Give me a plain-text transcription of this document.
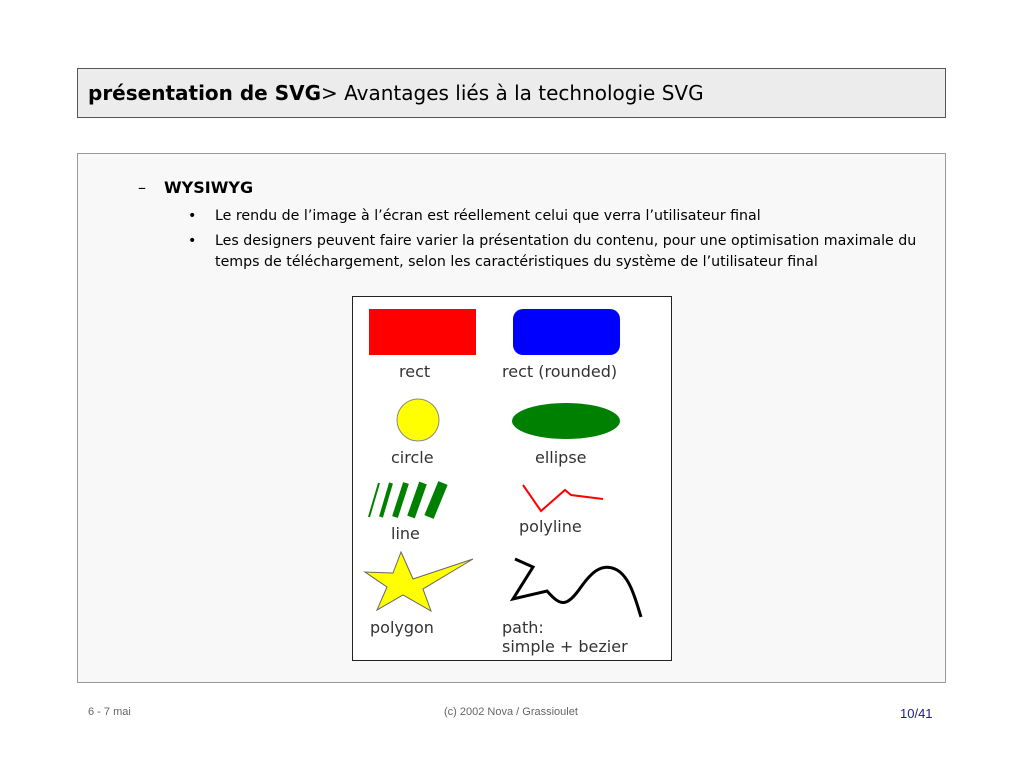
présentation de SVG > Avantages liés à la technologie SVG
– WYSIWYG
• Le rendu de l’image à l’écran est réellement celui que verra l’utilisateur final
• Les designers peuvent faire varier la présentation du contenu, pour une optimisation maximale du temps de téléchargement, selon les caractéristiques du système de l’utilisateur final
rect	rect (rounded)
circle	ellipse
line	polyline
polygon	path:
simple + bezier
6 - 7 mai	(c) 2002 Nova / Grassioulet	10/41
